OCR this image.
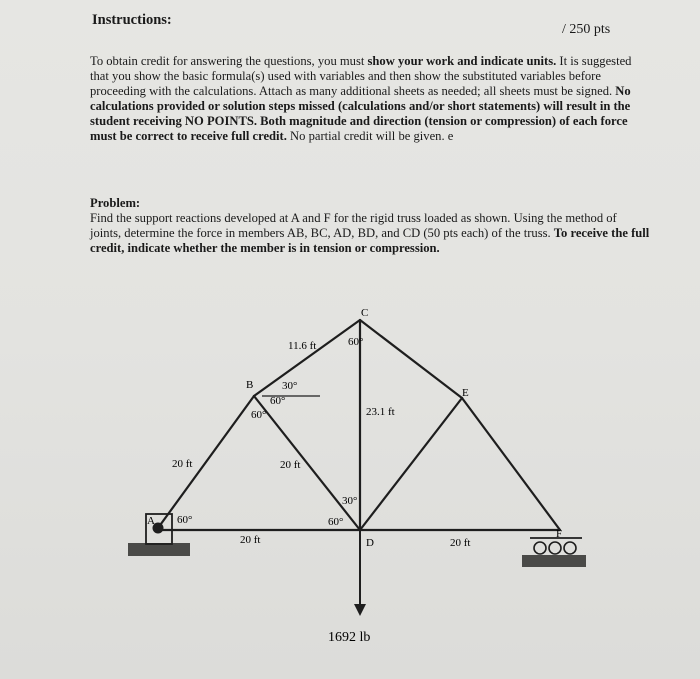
Instructions:
/ 250 pts
To obtain credit for answering the questions, you must show your work and indicate units. It is suggested that you show the basic formula(s) used with variables and then show the substituted variables before proceeding with the calculations. Attach as many additional sheets as needed; all sheets must be signed. No calculations provided or solution steps missed (calculations and/or short statements) will result in the student receiving NO POINTS. Both magnitude and direction (tension or compression) of each force must be correct to receive full credit. No partial credit will be given. e
Problem:
Find the support reactions developed at A and F for the rigid truss loaded as shown. Using the method of joints, determine the force in members AB, BC, AD, BD, and CD (50 pts each) of the truss. To receive the full credit, indicate whether the member is in tension or compression.
A
B
C
D
E
F
60°
30°
60°
60°
60°
30°
60°
20 ft
11.6 ft
20 ft
23.1 ft
20 ft	20 ft
1692 lb
